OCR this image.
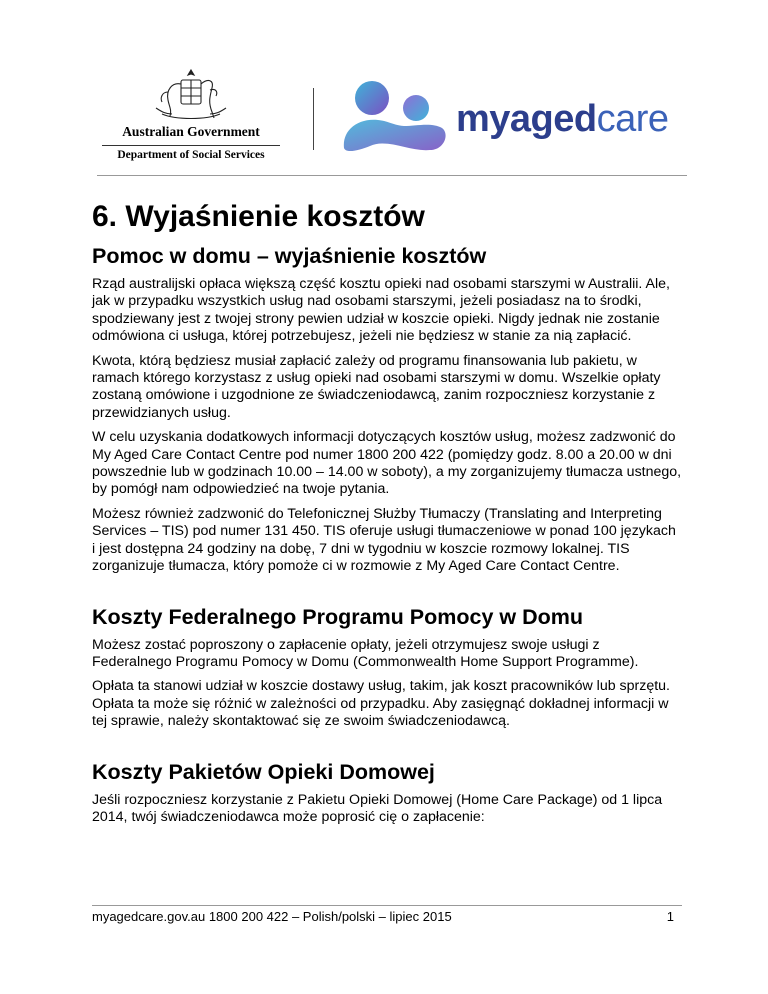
Australian Government
Department of Social Services
myagedcare
6. Wyjaśnienie kosztów
Pomoc w domu – wyjaśnienie kosztów

Rząd australijski opłaca większą część kosztu opieki nad osobami starszymi w Australii. Ale, jak w przypadku wszystkich usług nad osobami starszymi, jeżeli posiadasz na to środki, spodziewany jest z twojej strony pewien udział w koszcie opieki. Nigdy jednak nie zostanie odmówiona ci usługa, której potrzebujesz, jeżeli nie będziesz w stanie za nią zapłacić.

Kwota, którą będziesz musiał zapłacić zależy od programu finansowania lub pakietu, w ramach którego korzystasz z usług opieki nad osobami starszymi w domu. Wszelkie opłaty zostaną omówione i uzgodnione ze świadczeniodawcą, zanim rozpoczniesz korzystanie z przewidzianych usług.

W celu uzyskania dodatkowych informacji dotyczących kosztów usług, możesz zadzwonić do My Aged Care Contact Centre pod numer 1800 200 422 (pomiędzy godz. 8.00 a 20.00 w dni powszednie lub w godzinach 10.00 – 14.00 w soboty), a my zorganizujemy tłumacza ustnego, by pomógł nam odpowiedzieć na twoje pytania.

Możesz również zadzwonić do Telefonicznej Służby Tłumaczy (Translating and Interpreting Services – TIS) pod numer 131 450. TIS oferuje usługi tłumaczeniowe w ponad 100 językach i jest dostępna 24 godziny na dobę, 7 dni w tygodniu w koszcie rozmowy lokalnej. TIS zorganizuje tłumacza, który pomoże ci w rozmowie z My Aged Care Contact Centre.

Koszty Federalnego Programu Pomocy w Domu

Możesz zostać poproszony o zapłacenie opłaty, jeżeli otrzymujesz swoje usługi z Federalnego Programu Pomocy w Domu (Commonwealth Home Support Programme).

Opłata ta stanowi udział w koszcie dostawy usług, takim, jak koszt pracowników lub sprzętu. Opłata ta może się różnić w zależności od przypadku. Aby zasięgnąć dokładnej informacji w tej sprawie, należy skontaktować się ze swoim świadczeniodawcą.

Koszty Pakietów Opieki Domowej

Jeśli rozpoczniesz korzystanie z Pakietu Opieki Domowej (Home Care Package) od 1 lipca 2014, twój świadczeniodawca może poprosić cię o zapłacenie:

myagedcare.gov.au 1800 200 422 – Polish/polski – lipiec 2015	1
